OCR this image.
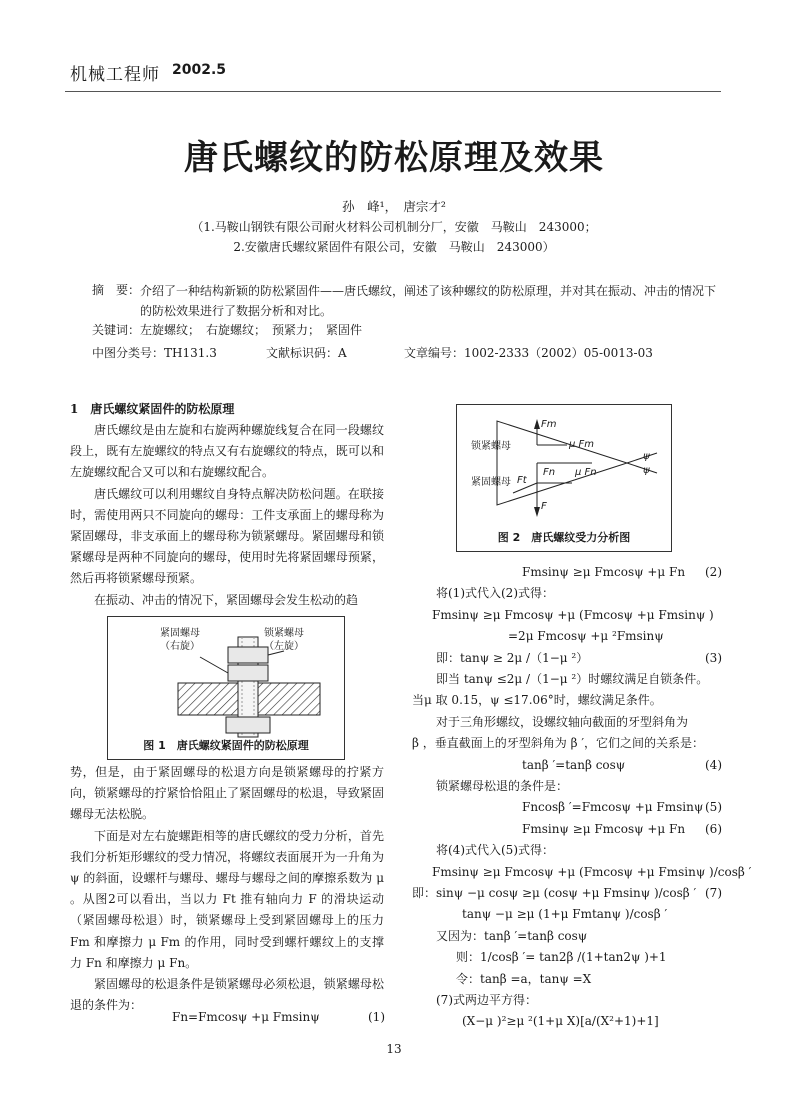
机械工程师 2002.5
唐氏螺纹的防松原理及效果
孙　峰¹，　唐宗才²
（1.马鞍山钢铁有限公司耐火材料公司机制分厂，安徽　马鞍山　243000；
2.安徽唐氏螺纹紧固件有限公司，安徽　马鞍山　243000）
摘　要： 介绍了一种结构新颖的防松紧固件——唐氏螺纹，阐述了该种螺纹的防松原理，并对其在振动、冲击的情况下的防松效果进行了数据分析和对比。
关键词：左旋螺纹；　右旋螺纹；　预紧力；　紧固件
中图分类号：TH131.3	文献标识码：A	文章编号：1002-2333（2002）05-0013-03
1　唐氏螺纹紧固件的防松原理

唐氏螺纹是由左旋和右旋两种螺旋线复合在同一段螺纹段上，既有左旋螺纹的特点又有右旋螺纹的特点，既可以和左旋螺纹配合又可以和右旋螺纹配合。

唐氏螺纹可以利用螺纹自身特点解决防松问题。在联接时，需使用两只不同旋向的螺母：工件支承面上的螺母称为紧固螺母，非支承面上的螺母称为锁紧螺母。紧固螺母和锁紧螺母是两种不同旋向的螺母，使用时先将紧固螺母预紧，然后再将锁紧螺母预紧。

在振动、冲击的情况下，紧固螺母会发生松动的趋

紧固螺母
（右旋）
锁紧螺母
（左旋）
图 1　唐氏螺纹紧固件的防松原理

势，但是，由于紧固螺母的松退方向是锁紧螺母的拧紧方向，锁紧螺母的拧紧恰恰阻止了紧固螺母的松退，导致紧固螺母无法松脱。

下面是对左右旋螺距相等的唐氏螺纹的受力分析，首先我们分析矩形螺纹的受力情况，将螺纹表面展开为一升角为 ψ 的斜面，设螺杆与螺母、螺母与螺母之间的摩擦系数为 μ 。从图2可以看出，当以力 Ft 推有轴向力 F 的滑块运动（紧固螺母松退）时，锁紧螺母上受到紧固螺母上的压力 Fm 和摩擦力 μ Fm 的作用，同时受到螺杆螺纹上的支撑力 Fn 和摩擦力 μ Fn。

紧固螺母的松退条件是锁紧螺母必须松退，锁紧螺母松退的条件为：

Fn=Fmcosψ +μ Fmsinψ	(1)
锁紧螺母
紧固螺母
Fm
μ Fm
μ Fn
Fn
Ft
F
ψ
ψ
图 2　唐氏螺纹受力分析图
Fmsinψ ≥μ Fmcosψ +μ Fn (2)
将(1)式代入(2)式得：
Fmsinψ ≥μ Fmcosψ +μ (Fmcosψ +μ Fmsinψ )
=2μ Fmcosψ +μ ²Fmsinψ
即：tanψ ≥ 2μ /（1−μ ²）	(3)
即当 tanψ ≤2μ /（1−μ ²）时螺纹满足自锁条件。
当μ 取 0.15，ψ ≤17.06°时，螺纹满足条件。
对于三角形螺纹，设螺纹轴向截面的牙型斜角为
β ，垂直截面上的牙型斜角为 β ′，它们之间的关系是：
tanβ ′=tanβ cosψ	(4)
锁紧螺母松退的条件是：
Fncosβ ′=Fmcosψ +μ Fmsinψ (5)
Fmsinψ ≥μ Fmcosψ +μ Fn (6)
将(4)式代入(5)式得：
Fmsinψ ≥μ Fmcosψ +μ (Fmcosψ +μ Fmsinψ )/cosβ ′
即：sinψ −μ cosψ ≥μ (cosψ +μ Fmsinψ )/cosβ ′ (7)
tanψ −μ ≥μ (1+μ Fmtanψ )/cosβ ′
又因为：tanβ ′=tanβ cosψ
则：1/cosβ ′= tan2β /(1+tan2ψ )+1
令：tanβ =a，tanψ =X
(7)式两边平方得：
(X−μ )²≥μ ²(1+μ X)[a/(X²+1)+1]
13
